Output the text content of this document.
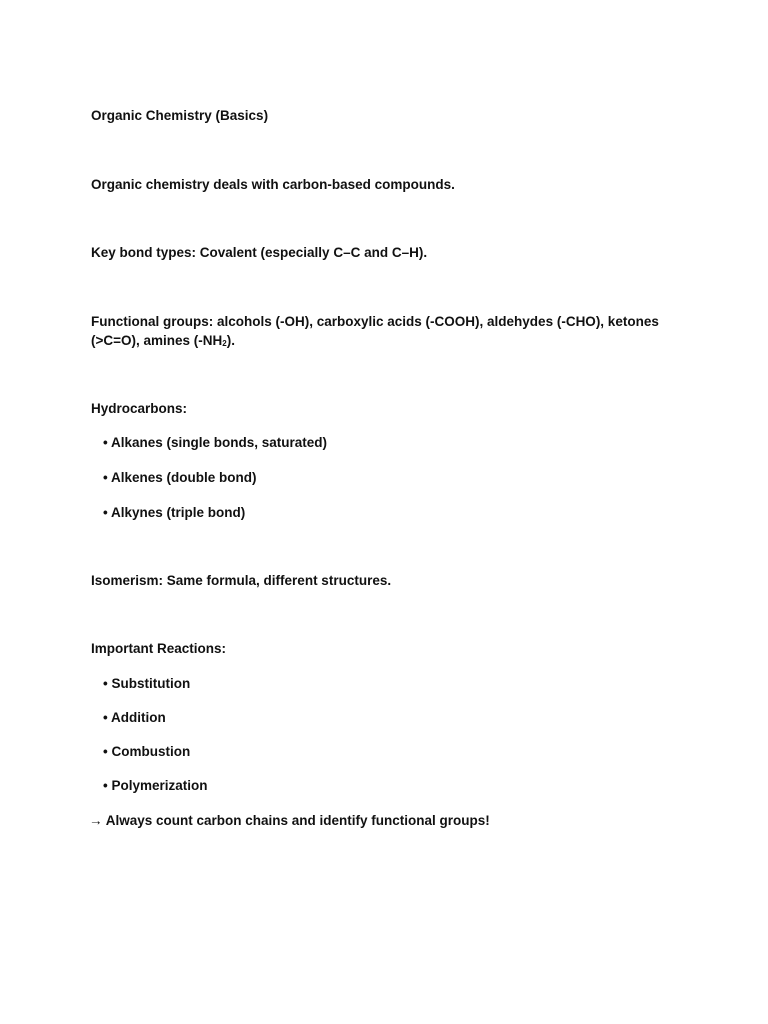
Organic Chemistry (Basics)
Organic chemistry deals with carbon-based compounds.
Key bond types: Covalent (especially C–C and C–H).
Functional groups: alcohols (-OH), carboxylic acids (-COOH), aldehydes (-CHO), ketones
(>C=O), amines $(-NH_2)$.
Hydrocarbons:
• Alkanes (single bonds, saturated)
• Alkenes (double bond)
• Alkynes (triple bond)
Isomerism: Same formula, different structures.
Important Reactions:
• Substitution
• Addition
• Combustion
• Polymerization
→ Always count carbon chains and identify functional groups!
